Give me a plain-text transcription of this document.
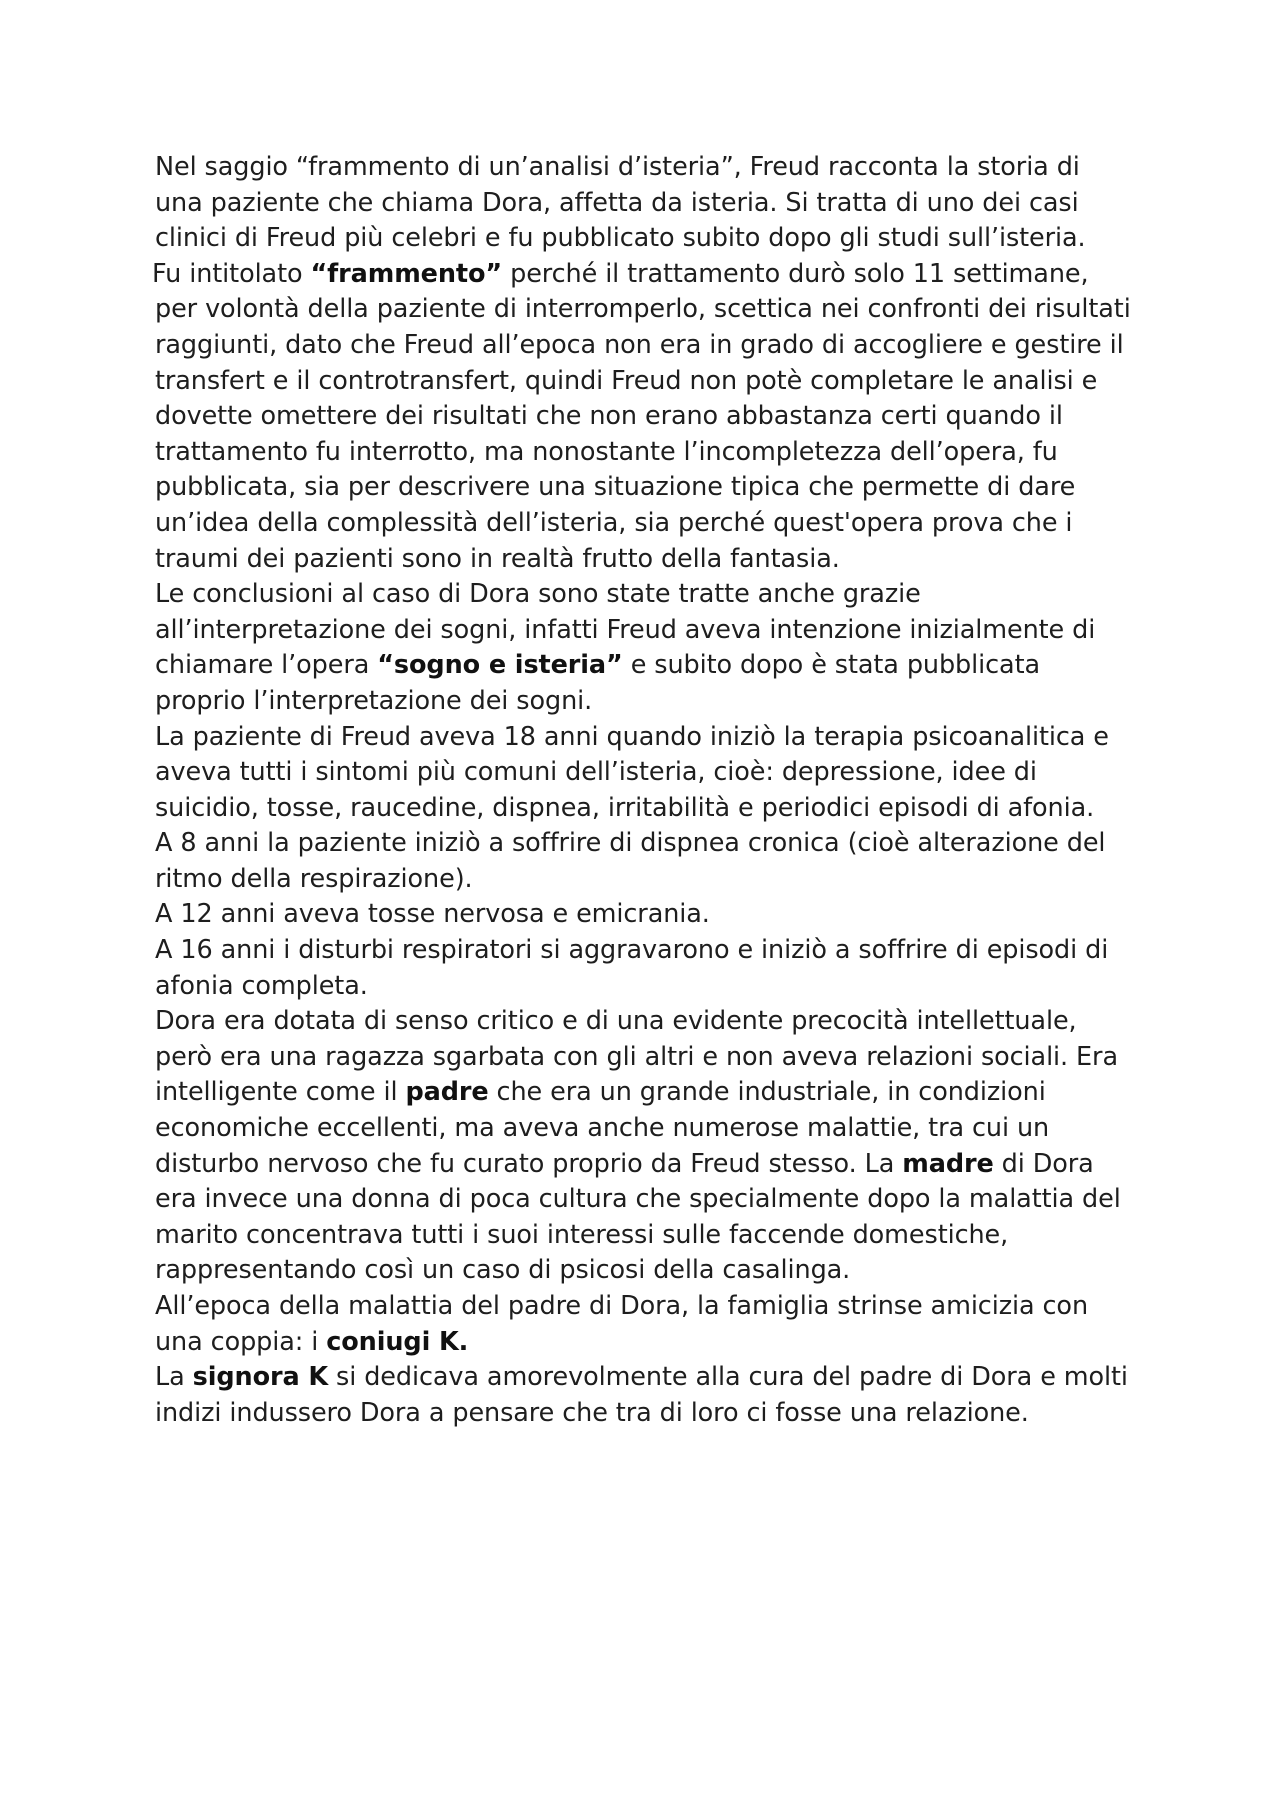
Nel saggio “frammento di un’analisi d’isteria”, Freud racconta la storia di una paziente che chiama Dora, affetta da isteria. Si tratta di uno dei casi clinici di Freud più celebri e fu pubblicato subito dopo gli studi sull’isteria.

Fu intitolato “frammento” perché il trattamento durò solo 11 settimane, per volontà della paziente di interromperlo, scettica nei confronti dei risultati raggiunti, dato che Freud all’epoca non era in grado di accogliere e gestire il transfert e il controtransfert, quindi Freud non potè completare le analisi e dovette omettere dei risultati che non erano abbastanza certi quando il trattamento fu interrotto, ma nonostante l’incompletezza dell’opera, fu pubblicata, sia per descrivere una situazione tipica che permette di dare un’idea della complessità dell’isteria, sia perché quest'opera prova che i traumi dei pazienti sono in realtà frutto della fantasia.

Le conclusioni al caso di Dora sono state tratte anche grazie all’interpretazione dei sogni, infatti Freud aveva intenzione inizialmente di chiamare l’opera “sogno e isteria” e subito dopo è stata pubblicata proprio l’interpretazione dei sogni.

La paziente di Freud aveva 18 anni quando iniziò la terapia psicoanalitica e aveva tutti i sintomi più comuni dell’isteria, cioè: depressione, idee di suicidio, tosse, raucedine, dispnea, irritabilità e periodici episodi di afonia.

A 8 anni la paziente iniziò a soffrire di dispnea cronica (cioè alterazione del ritmo della respirazione).

A 12 anni aveva tosse nervosa e emicrania.

A 16 anni i disturbi respiratori si aggravarono e iniziò a soffrire di episodi di afonia completa.

Dora era dotata di senso critico e di una evidente precocità intellettuale, però era una ragazza sgarbata con gli altri e non aveva relazioni sociali. Era intelligente come il padre che era un grande industriale, in condizioni economiche eccellenti, ma aveva anche numerose malattie, tra cui un disturbo nervoso che fu curato proprio da Freud stesso. La madre di Dora era invece una donna di poca cultura che specialmente dopo la malattia del marito concentrava tutti i suoi interessi sulle faccende domestiche, rappresentando così un caso di psicosi della casalinga.

All’epoca della malattia del padre di Dora, la famiglia strinse amicizia con una coppia: i coniugi K.

La signora K si dedicava amorevolmente alla cura del padre di Dora e molti indizi indussero Dora a pensare che tra di loro ci fosse una relazione.
